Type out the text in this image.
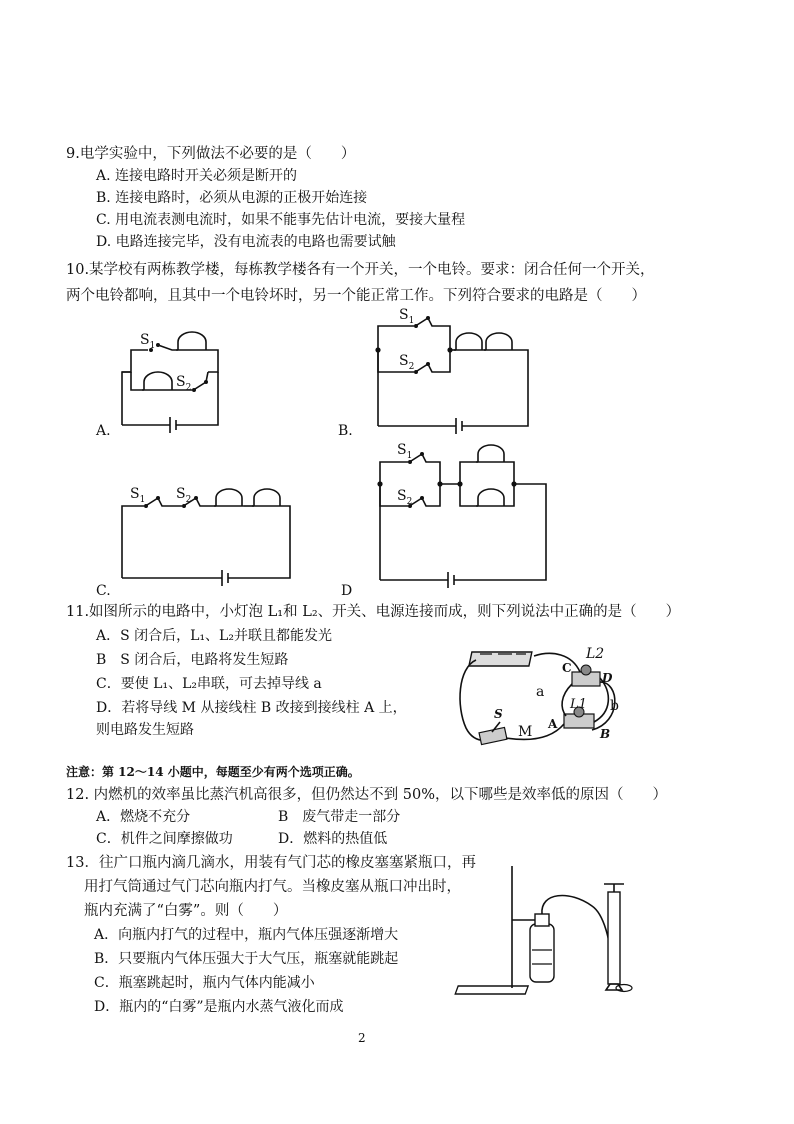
9.电学实验中，下列做法不必要的是（　　）
A. 连接电路时开关必须是断开的
B. 连接电路时，必须从电源的正极开始连接
C. 用电流表测电流时，如果不能事先估计电流，要接大量程
D. 电路连接完毕，没有电流表的电路也需要试触
10.某学校有两栋教学楼，每栋教学楼各有一个开关，一个电铃。要求：闭合任何一个开关，
两个电铃都响，且其中一个电铃坏时，另一个能正常工作。下列符合要求的电路是（　　）
$S_1$
$S_2$
A.
$S_1$
$S_2$
B.
$S_1$ $S_2$
C.
$S_1$
$S_2$
D
11.如图所示的电路中，小灯泡 L₁和 L₂、开关、电源连接而成，则下列说法中正确的是（　　）
A．S 闭合后，L₁、L₂并联且都能发光
B　S 闭合后，电路将发生短路
C．要使 L₁、L₂串联，可去掉导线 a
D．若将导线 M 从接线柱 B 改接到接线柱 A 上，
则电路发生短路
L2
C
D
a
L1 b
A
B
M
S
注意：第 12～14 小题中，每题至少有两个选项正确。
12. 内燃机的效率虽比蒸汽机高很多，但仍然达不到 50%，以下哪些是效率低的原因（　　）
A．燃烧不充分	B　废气带走一部分
C．机件之间摩擦做功	D．燃料的热值低
13．往广口瓶内滴几滴水，用装有气门芯的橡皮塞塞紧瓶口，再
用打气筒通过气门芯向瓶内打气。当橡皮塞从瓶口冲出时，
瓶内充满了“白雾”。则（　　）
A．向瓶内打气的过程中，瓶内气体压强逐渐增大
B．只要瓶内气体压强大于大气压，瓶塞就能跳起
C．瓶塞跳起时，瓶内气体内能减小
D．瓶内的“白雾”是瓶内水蒸气液化而成
2
